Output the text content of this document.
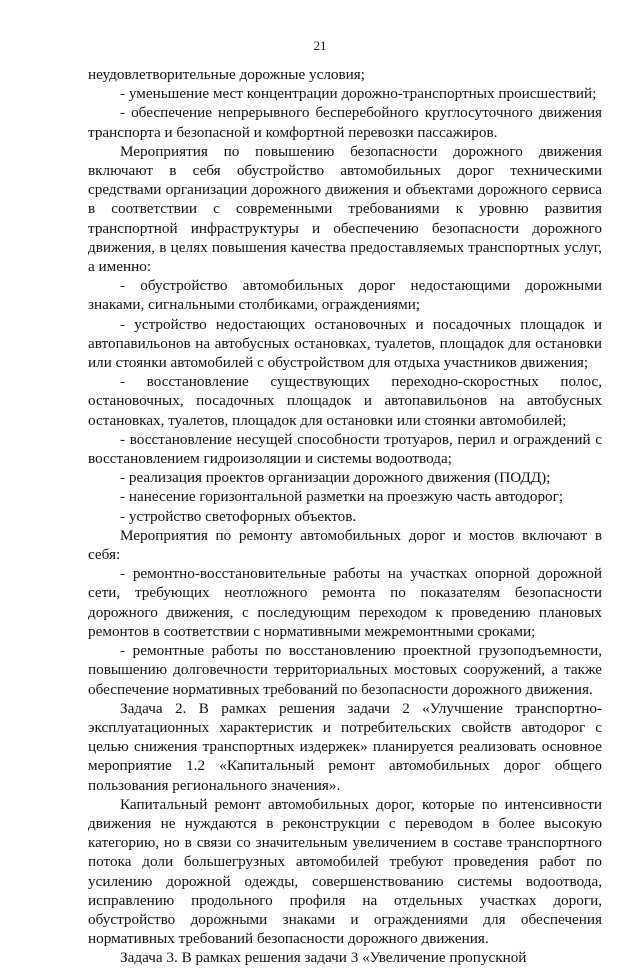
21

неудовлетворительные дорожные условия;

- уменьшение мест концентрации дорожно-транспортных происшествий;

- обеспечение непрерывного бесперебойного круглосуточного движения транспорта и безопасной и комфортной перевозки пассажиров.

Мероприятия по повышению безопасности дорожного движения включают в себя обустройство автомобильных дорог техническими средствами организации дорожного движения и объектами дорожного сервиса в соответствии с современными требованиями к уровню развития транспортной инфраструктуры и обеспечению безопасности дорожного движения, в целях повышения качества предоставляемых транспортных услуг, а именно:

- обустройство автомобильных дорог недостающими дорожными знаками, сигнальными столбиками, ограждениями;

- устройство недостающих остановочных и посадочных площадок и автопавильонов на автобусных остановках, туалетов, площадок для остановки или стоянки автомобилей с обустройством для отдыха участников движения;

- восстановление существующих переходно-скоростных полос, остановочных, посадочных площадок и автопавильонов на автобусных остановках, туалетов, площадок для остановки или стоянки автомобилей;

- восстановление несущей способности тротуаров, перил и ограждений с восстановлением гидроизоляции и системы водоотвода;

- реализация проектов организации дорожного движения (ПОДД);

- нанесение горизонтальной разметки на проезжую часть автодорог;

- устройство светофорных объектов.

Мероприятия по ремонту автомобильных дорог и мостов включают в себя:

- ремонтно-восстановительные работы на участках опорной дорожной сети, требующих неотложного ремонта по показателям безопасности дорожного движения, с последующим переходом к проведению плановых ремонтов в соответствии с нормативными межремонтными сроками;

- ремонтные работы по восстановлению проектной грузоподъемности, повышению долговечности территориальных мостовых сооружений, а также обеспечение нормативных требований по безопасности дорожного движения.

Задача 2. В рамках решения задачи 2 «Улучшение транспортно-эксплуатационных характеристик и потребительских свойств автодорог с целью снижения транспортных издержек» планируется реализовать основное мероприятие 1.2 «Капитальный ремонт автомобильных дорог общего пользования регионального значения».

Капитальный ремонт автомобильных дорог, которые по интенсивности движения не нуждаются в реконструкции с переводом в более высокую категорию, но в связи со значительным увеличением в составе транспортного потока доли большегрузных автомобилей требуют проведения работ по усилению дорожной одежды, совершенствованию системы водоотвода, исправлению продольного профиля на отдельных участках дороги, обустройство дорожными знаками и ограждениями для обеспечения нормативных требований безопасности дорожного движения.

Задача 3. В рамках решения задачи 3 «Увеличение пропускной
